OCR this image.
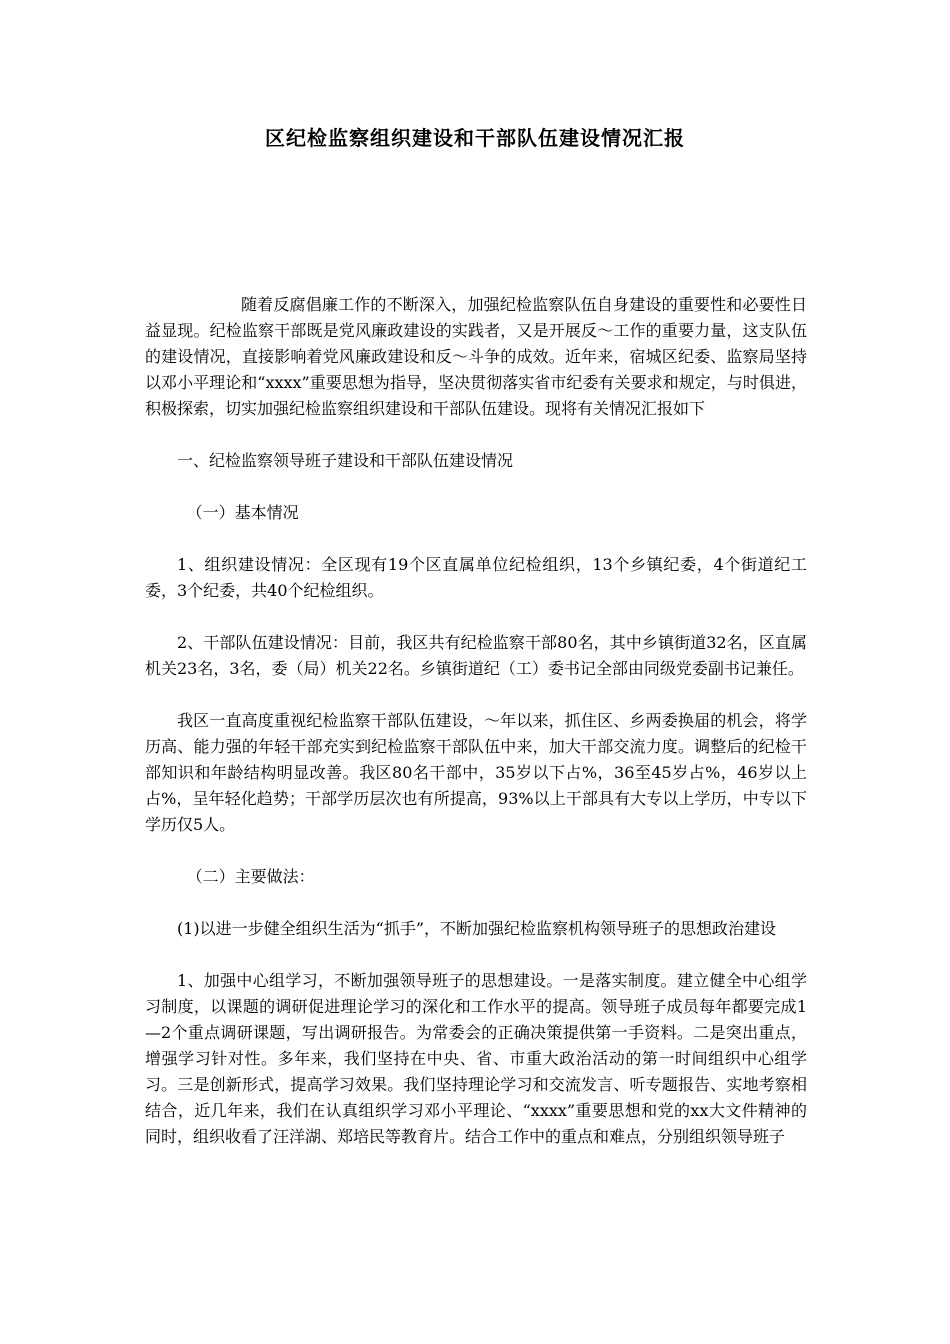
区纪检监察组织建设和干部队伍建设情况汇报

随着反腐倡廉工作的不断深入，加强纪检监察队伍自身建设的重要性和必要性日益显现。纪检监察干部既是党风廉政建设的实践者，又是开展反～工作的重要力量，这支队伍的建设情况，直接影响着党风廉政建设和反～斗争的成效。近年来，宿城区纪委、监察局坚持以邓小平理论和“xxxx”重要思想为指导，坚决贯彻落实省市纪委有关要求和规定，与时俱进，积极探索，切实加强纪检监察组织建设和干部队伍建设。现将有关情况汇报如下

一、纪检监察领导班子建设和干部队伍建设情况

（一）基本情况

1、组织建设情况：全区现有19个区直属单位纪检组织，13个乡镇纪委，4个街道纪工委，3个纪委，共40个纪检组织。

2、干部队伍建设情况：目前，我区共有纪检监察干部80名，其中乡镇街道32名，区直属机关23名，3名，委（局）机关22名。乡镇街道纪（工）委书记全部由同级党委副书记兼任。

我区一直高度重视纪检监察干部队伍建设，～年以来，抓住区、乡两委换届的机会，将学历高、能力强的年轻干部充实到纪检监察干部队伍中来，加大干部交流力度。调整后的纪检干部知识和年龄结构明显改善。我区80名干部中，35岁以下占%，36至45岁占%，46岁以上占%，呈年轻化趋势；干部学历层次也有所提高，93%以上干部具有大专以上学历，中专以下学历仅5人。

（二）主要做法：

(1)以进一步健全组织生活为“抓手”，不断加强纪检监察机构领导班子的思想政治建设

1、加强中心组学习，不断加强领导班子的思想建设。一是落实制度。建立健全中心组学习制度，以课题的调研促进理论学习的深化和工作水平的提高。领导班子成员每年都要完成1—2个重点调研课题，写出调研报告。为常委会的正确决策提供第一手资料。二是突出重点，增强学习针对性。多年来，我们坚持在中央、省、市重大政治活动的第一时间组织中心组学习。三是创新形式，提高学习效果。我们坚持理论学习和交流发言、听专题报告、实地考察相结合，近几年来，我们在认真组织学习邓小平理论、“xxxx”重要思想和党的xx大文件精神的同时，组织收看了汪洋湖、郑培民等教育片。结合工作中的重点和难点，分别组织领导班子
